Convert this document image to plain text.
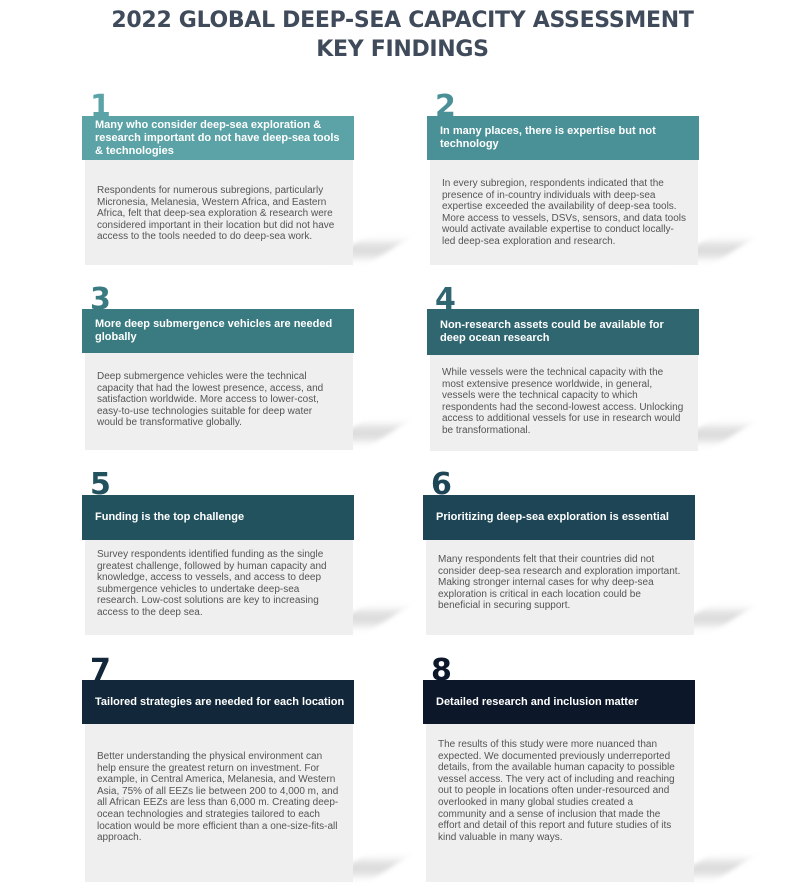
2022 GLOBAL DEEP-SEA CAPACITY ASSESSMENT
KEY FINDINGS
1
Many who consider deep-sea exploration & research important do not have deep-sea tools & technologies
Respondents for numerous subregions, particularly Micronesia, Melanesia, Western Africa, and Eastern Africa, felt that deep-sea exploration & research were considered important in their location but did not have access to the tools needed to do deep-sea work.
2
In many places, there is expertise but not technology
In every subregion, respondents indicated that the presence of in-country individuals with deep-sea expertise exceeded the availability of deep-sea tools. More access to vessels, DSVs, sensors, and data tools would activate available expertise to conduct locally-led deep-sea exploration and research.
3
More deep submergence vehicles are needed globally
Deep submergence vehicles were the technical capacity that had the lowest presence, access, and satisfaction worldwide. More access to lower-cost, easy-to-use technologies suitable for deep water would be transformative globally.
4
Non-research assets could be available for deep ocean research
While vessels were the technical capacity with the most extensive presence worldwide, in general, vessels were the technical capacity to which respondents had the second-lowest access. Unlocking access to additional vessels for use in research would be transformational.
5
Funding is the top challenge
Survey respondents identified funding as the single greatest challenge, followed by human capacity and knowledge, access to vessels, and access to deep submergence vehicles to undertake deep-sea research. Low-cost solutions are key to increasing access to the deep sea.
6
Prioritizing deep-sea exploration is essential
Many respondents felt that their countries did not consider deep-sea research and exploration important. Making stronger internal cases for why deep-sea exploration is critical in each location could be beneficial in securing support.
7
Tailored strategies are needed for each location
Better understanding the physical environment can help ensure the greatest return on investment. For example, in Central America, Melanesia, and Western Asia, 75% of all EEZs lie between 200 to 4,000 m, and all African EEZs are less than 6,000 m. Creating deep-ocean technologies and strategies tailored to each location would be more efficient than a one-size-fits-all approach.
8
Detailed research and inclusion matter
The results of this study were more nuanced than expected. We documented previously underreported details, from the available human capacity to possible vessel access. The very act of including and reaching out to people in locations often under-resourced and overlooked in many global studies created a community and a sense of inclusion that made the effort and detail of this report and future studies of its kind valuable in many ways.
